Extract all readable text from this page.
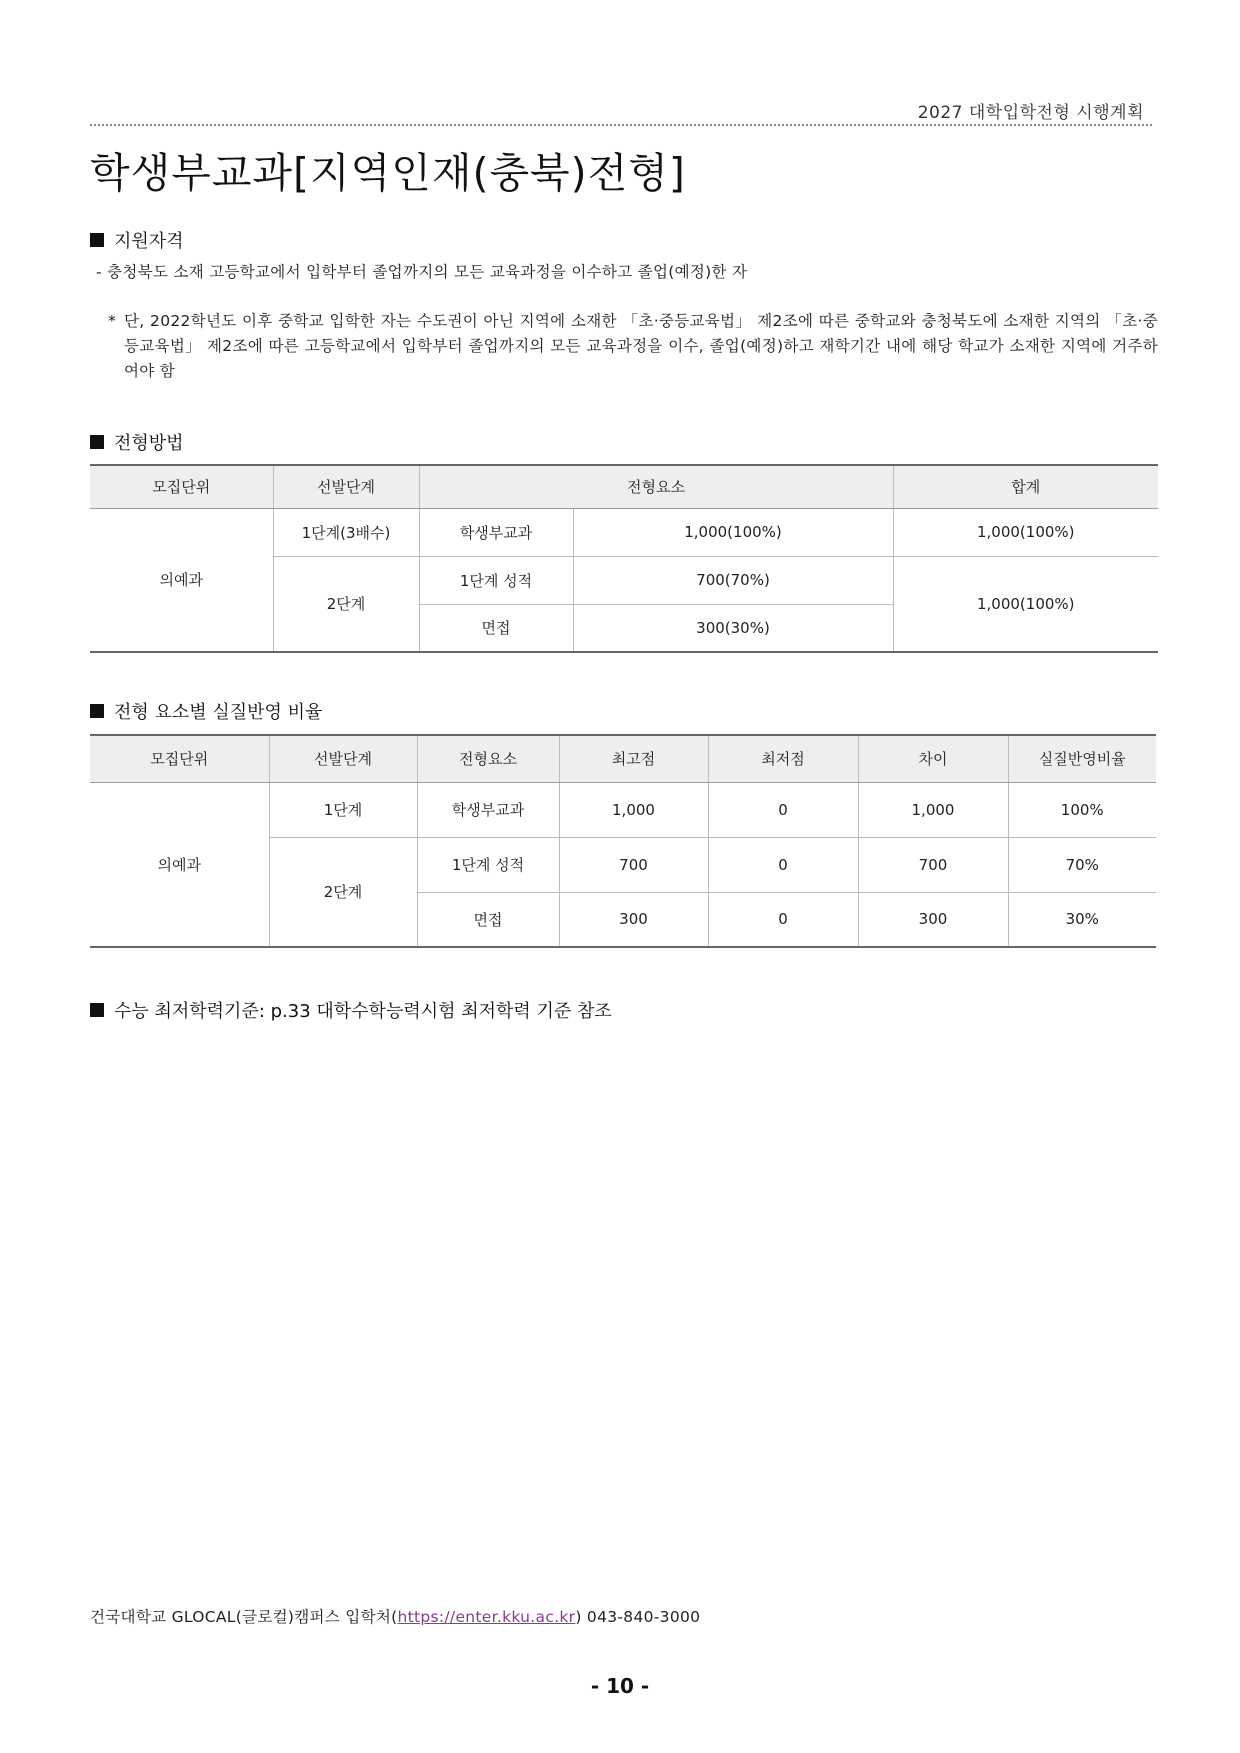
2027 대학입학전형 시행계획
학생부교과[지역인재(충북)전형]
지원자격
- 충청북도 소재 고등학교에서 입학부터 졸업까지의 모든 교육과정을 이수하고 졸업(예정)한 자
* 단, 2022학년도 이후 중학교 입학한 자는 수도권이 아닌 지역에 소재한 「초·중등교육법」 제2조에 따른 중학교와 충청북도에 소재한 지역의 「초·중등교육법」 제2조에 따른 고등학교에서 입학부터 졸업까지의 모든 교육과정을 이수, 졸업(예정)하고 재학기간 내에 해당 학교가 소재한 지역에 거주하여야 함
전형방법
모집단위	선발단계	전형요소		합계
의예과	1단계(3배수)	학생부교과	1,000(100%)	1,000(100%)
	2단계	1단계 성적	700(70%)	1,000(100%)
		면접	300(30%)	
전형 요소별 실질반영 비율
모집단위	선발단계	전형요소	최고점	최저점	차이	실질반영비율
의예과	1단계	학생부교과	1,000	0	1,000	100%
	2단계	1단계 성적	700	0	700	70%
		면접	300	0	300	30%
수능 최저학력기준: p.33 대학수학능력시험 최저학력 기준 참조
건국대학교 GLOCAL(글로컬)캠퍼스 입학처(https://enter.kku.ac.kr) 043-840-3000
- 10 -
